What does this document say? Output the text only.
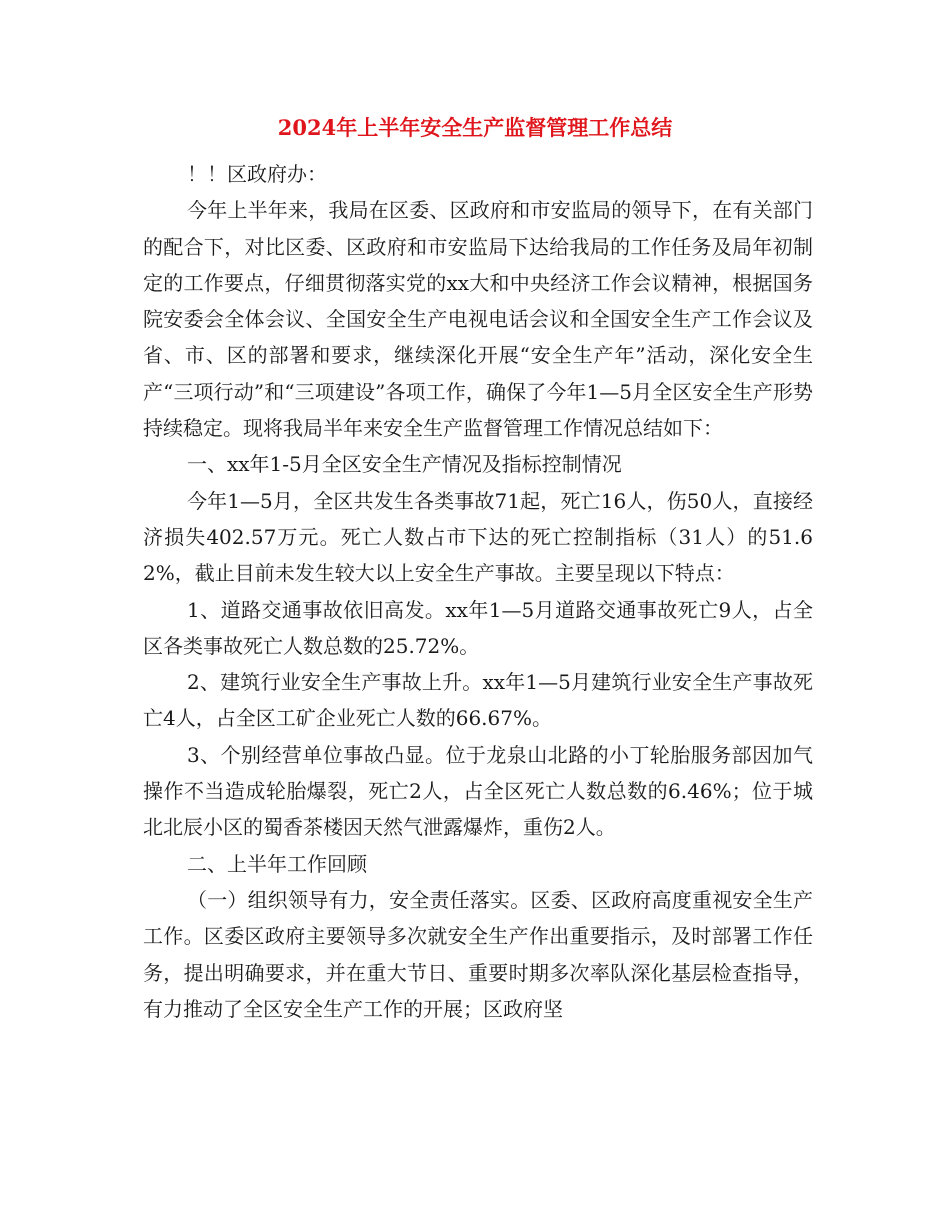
2024年上半年安全生产监督管理工作总结

！！区政府办：

今年上半年来，我局在区委、区政府和市安监局的领导下，在有关部门的配合下，对比区委、区政府和市安监局下达给我局的工作任务及局年初制定的工作要点，仔细贯彻落实党的xx大和中央经济工作会议精神，根据国务院安委会全体会议、全国安全生产电视电话会议和全国安全生产工作会议及省、市、区的部署和要求，继续深化开展“安全生产年”活动，深化安全生产“三项行动”和“三项建设”各项工作，确保了今年1—5月全区安全生产形势持续稳定。现将我局半年来安全生产监督管理工作情况总结如下：

一、xx年1-5月全区安全生产情况及指标控制情况

今年1—5月，全区共发生各类事故71起，死亡16人，伤50人，直接经济损失402.57万元。死亡人数占市下达的死亡控制指标（31人）的51.62%，截止目前未发生较大以上安全生产事故。主要呈现以下特点：

1、道路交通事故依旧高发。xx年1—5月道路交通事故死亡9人，占全区各类事故死亡人数总数的25.72%。

2、建筑行业安全生产事故上升。xx年1—5月建筑行业安全生产事故死亡4人，占全区工矿企业死亡人数的66.67%。

3、个别经营单位事故凸显。位于龙泉山北路的小丁轮胎服务部因加气操作不当造成轮胎爆裂，死亡2人，占全区死亡人数总数的6.46%；位于城北北辰小区的蜀香茶楼因天然气泄露爆炸，重伤2人。

二、上半年工作回顾

（一）组织领导有力，安全责任落实。区委、区政府高度重视安全生产工作。区委区政府主要领导多次就安全生产作出重要指示，及时部署工作任务，提出明确要求，并在重大节日、重要时期多次率队深化基层检查指导，有力推动了全区安全生产工作的开展；区政府坚
